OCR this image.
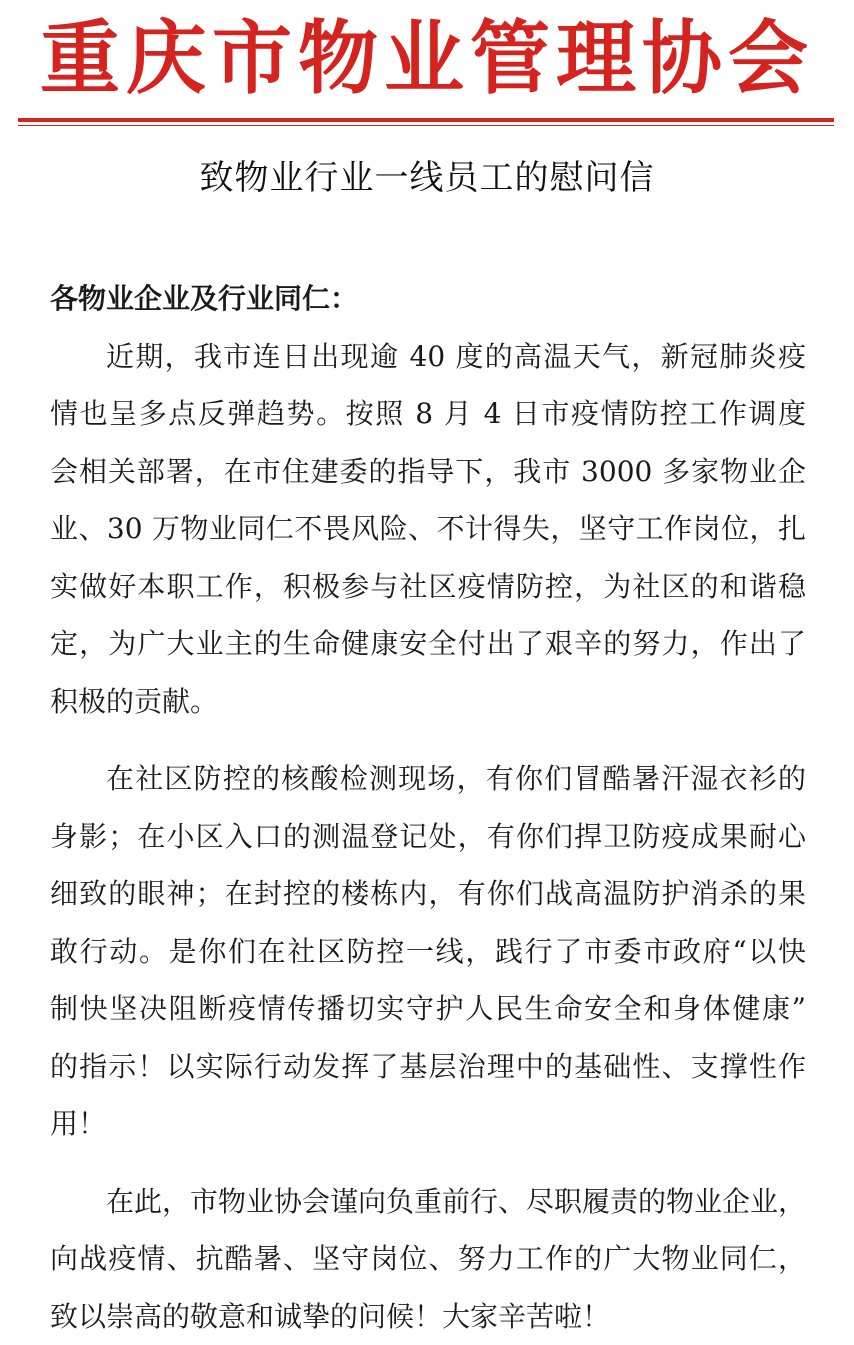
重庆市物业管理协会
致物业行业一线员工的慰问信
各物业企业及行业同仁：
近期，我市连日出现逾 40 度的高温天气，新冠肺炎疫
情也呈多点反弹趋势。按照 8 月 4 日市疫情防控工作调度
会相关部署，在市住建委的指导下，我市 3000 多家物业企
业、30 万物业同仁不畏风险、不计得失，坚守工作岗位，扎
实做好本职工作，积极参与社区疫情防控，为社区的和谐稳
定，为广大业主的生命健康安全付出了艰辛的努力，作出了
积极的贡献。
在社区防控的核酸检测现场，有你们冒酷暑汗湿衣衫的
身影；在小区入口的测温登记处，有你们捍卫防疫成果耐心
细致的眼神；在封控的楼栋内，有你们战高温防护消杀的果
敢行动。是你们在社区防控一线，践行了市委市政府“以快
制快坚决阻断疫情传播切实守护人民生命安全和身体健康”
的指示！以实际行动发挥了基层治理中的基础性、支撑性作
用！
在此，市物业协会谨向负重前行、尽职履责的物业企业，
向战疫情、抗酷暑、坚守岗位、努力工作的广大物业同仁，
致以崇高的敬意和诚挚的问候！大家辛苦啦！
